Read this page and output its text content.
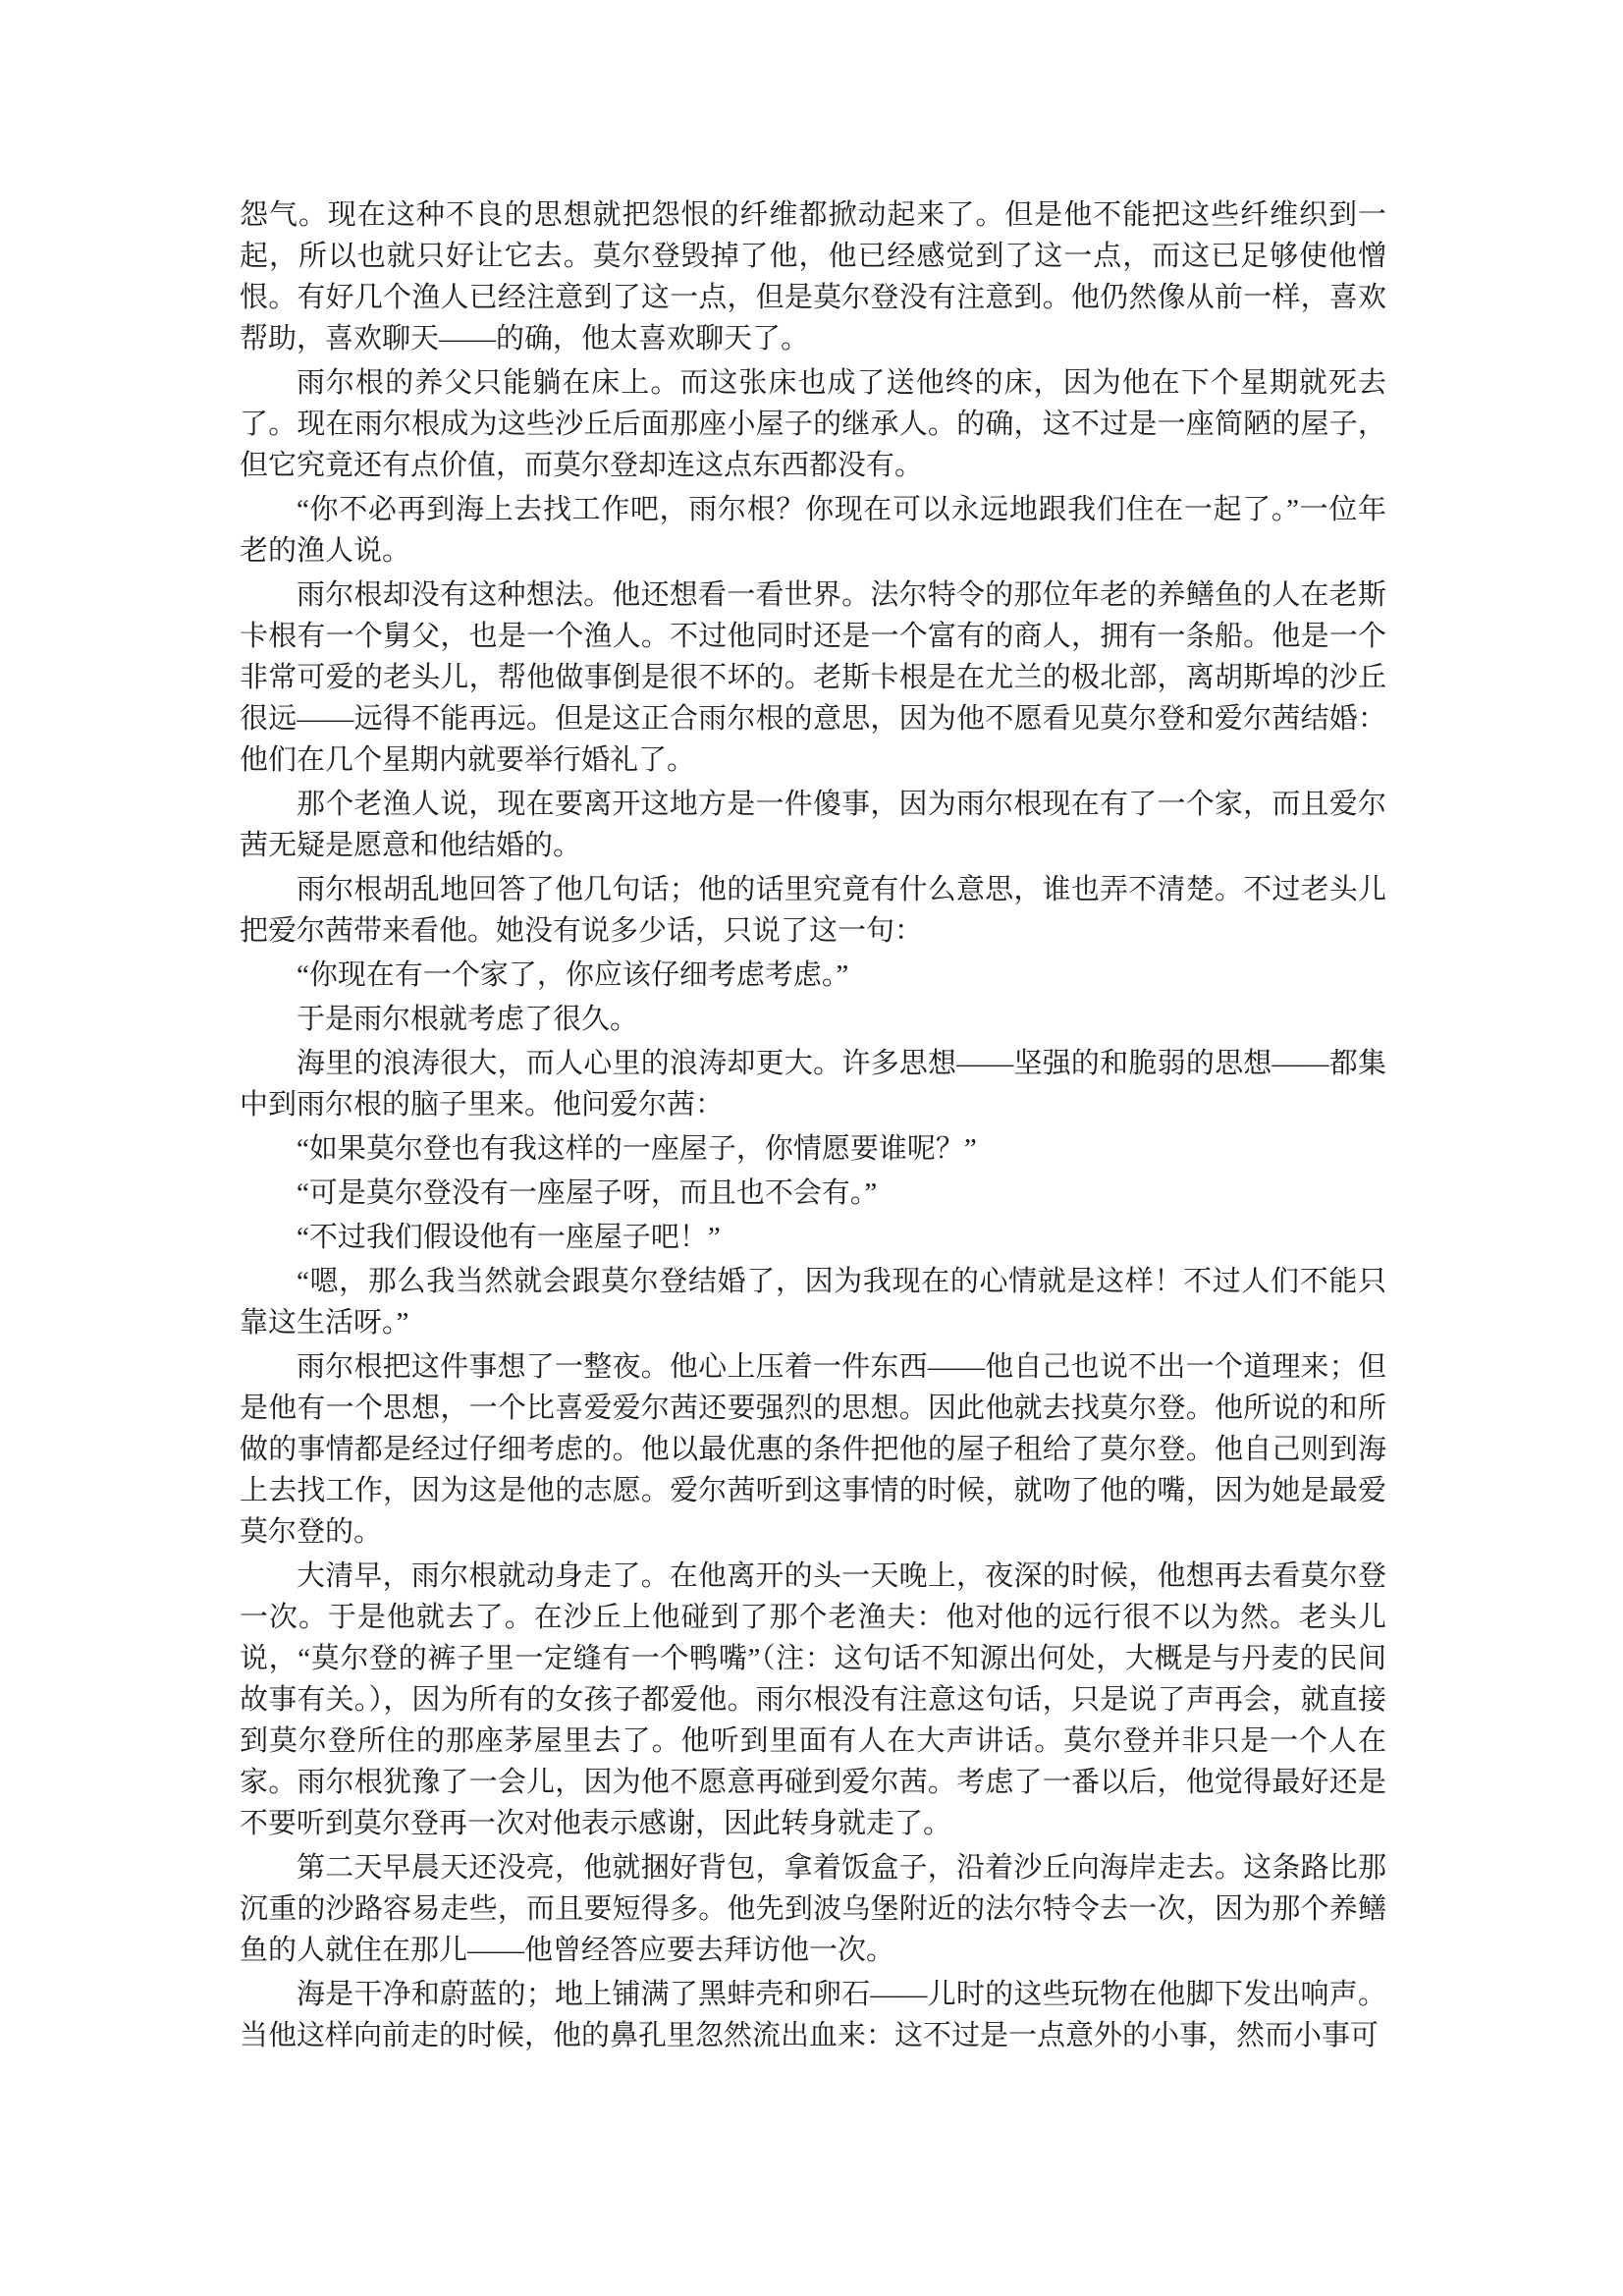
怨气。现在这种不良的思想就把怨恨的纤维都掀动起来了。但是他不能把这些纤维织到一起，所以也就只好让它去。莫尔登毁掉了他，他已经感觉到了这一点，而这已足够使他憎恨。有好几个渔人已经注意到了这一点，但是莫尔登没有注意到。他仍然像从前一样，喜欢帮助，喜欢聊天——的确，他太喜欢聊天了。

雨尔根的养父只能躺在床上。而这张床也成了送他终的床，因为他在下个星期就死去了。现在雨尔根成为这些沙丘后面那座小屋子的继承人。的确，这不过是一座简陋的屋子，但它究竟还有点价值，而莫尔登却连这点东西都没有。

“你不必再到海上去找工作吧，雨尔根？你现在可以永远地跟我们住在一起了。”一位年老的渔人说。

雨尔根却没有这种想法。他还想看一看世界。法尔特令的那位年老的养鳝鱼的人在老斯卡根有一个舅父，也是一个渔人。不过他同时还是一个富有的商人，拥有一条船。他是一个非常可爱的老头儿，帮他做事倒是很不坏的。老斯卡根是在尤兰的极北部，离胡斯埠的沙丘很远——远得不能再远。但是这正合雨尔根的意思，因为他不愿看见莫尔登和爱尔茜结婚：他们在几个星期内就要举行婚礼了。

那个老渔人说，现在要离开这地方是一件傻事，因为雨尔根现在有了一个家，而且爱尔茜无疑是愿意和他结婚的。

雨尔根胡乱地回答了他几句话；他的话里究竟有什么意思，谁也弄不清楚。不过老头儿把爱尔茜带来看他。她没有说多少话，只说了这一句：

“你现在有一个家了，你应该仔细考虑考虑。”

于是雨尔根就考虑了很久。

海里的浪涛很大，而人心里的浪涛却更大。许多思想——坚强的和脆弱的思想——都集中到雨尔根的脑子里来。他问爱尔茜：

“如果莫尔登也有我这样的一座屋子，你情愿要谁呢？”

“可是莫尔登没有一座屋子呀，而且也不会有。”

“不过我们假设他有一座屋子吧！”

“嗯，那么我当然就会跟莫尔登结婚了，因为我现在的心情就是这样！不过人们不能只靠这生活呀。”

雨尔根把这件事想了一整夜。他心上压着一件东西——他自己也说不出一个道理来；但是他有一个思想，一个比喜爱爱尔茜还要强烈的思想。因此他就去找莫尔登。他所说的和所做的事情都是经过仔细考虑的。他以最优惠的条件把他的屋子租给了莫尔登。他自己则到海上去找工作，因为这是他的志愿。爱尔茜听到这事情的时候，就吻了他的嘴，因为她是最爱莫尔登的。

大清早，雨尔根就动身走了。在他离开的头一天晚上，夜深的时候，他想再去看莫尔登一次。于是他就去了。在沙丘上他碰到了那个老渔夫：他对他的远行很不以为然。老头儿说，“莫尔登的裤子里一定缝有一个鸭嘴”（注：这句话不知源出何处，大概是与丹麦的民间故事有关。），因为所有的女孩子都爱他。雨尔根没有注意这句话，只是说了声再会，就直接到莫尔登所住的那座茅屋里去了。他听到里面有人在大声讲话。莫尔登并非只是一个人在家。雨尔根犹豫了一会儿，因为他不愿意再碰到爱尔茜。考虑了一番以后，他觉得最好还是不要听到莫尔登再一次对他表示感谢，因此转身就走了。

第二天早晨天还没亮，他就捆好背包，拿着饭盒子，沿着沙丘向海岸走去。这条路比那沉重的沙路容易走些，而且要短得多。他先到波乌堡附近的法尔特令去一次，因为那个养鳝鱼的人就住在那儿——他曾经答应要去拜访他一次。

海是干净和蔚蓝的；地上铺满了黑蚌壳和卵石——儿时的这些玩物在他脚下发出响声。当他这样向前走的时候，他的鼻孔里忽然流出血来：这不过是一点意外的小事，然而小事可
